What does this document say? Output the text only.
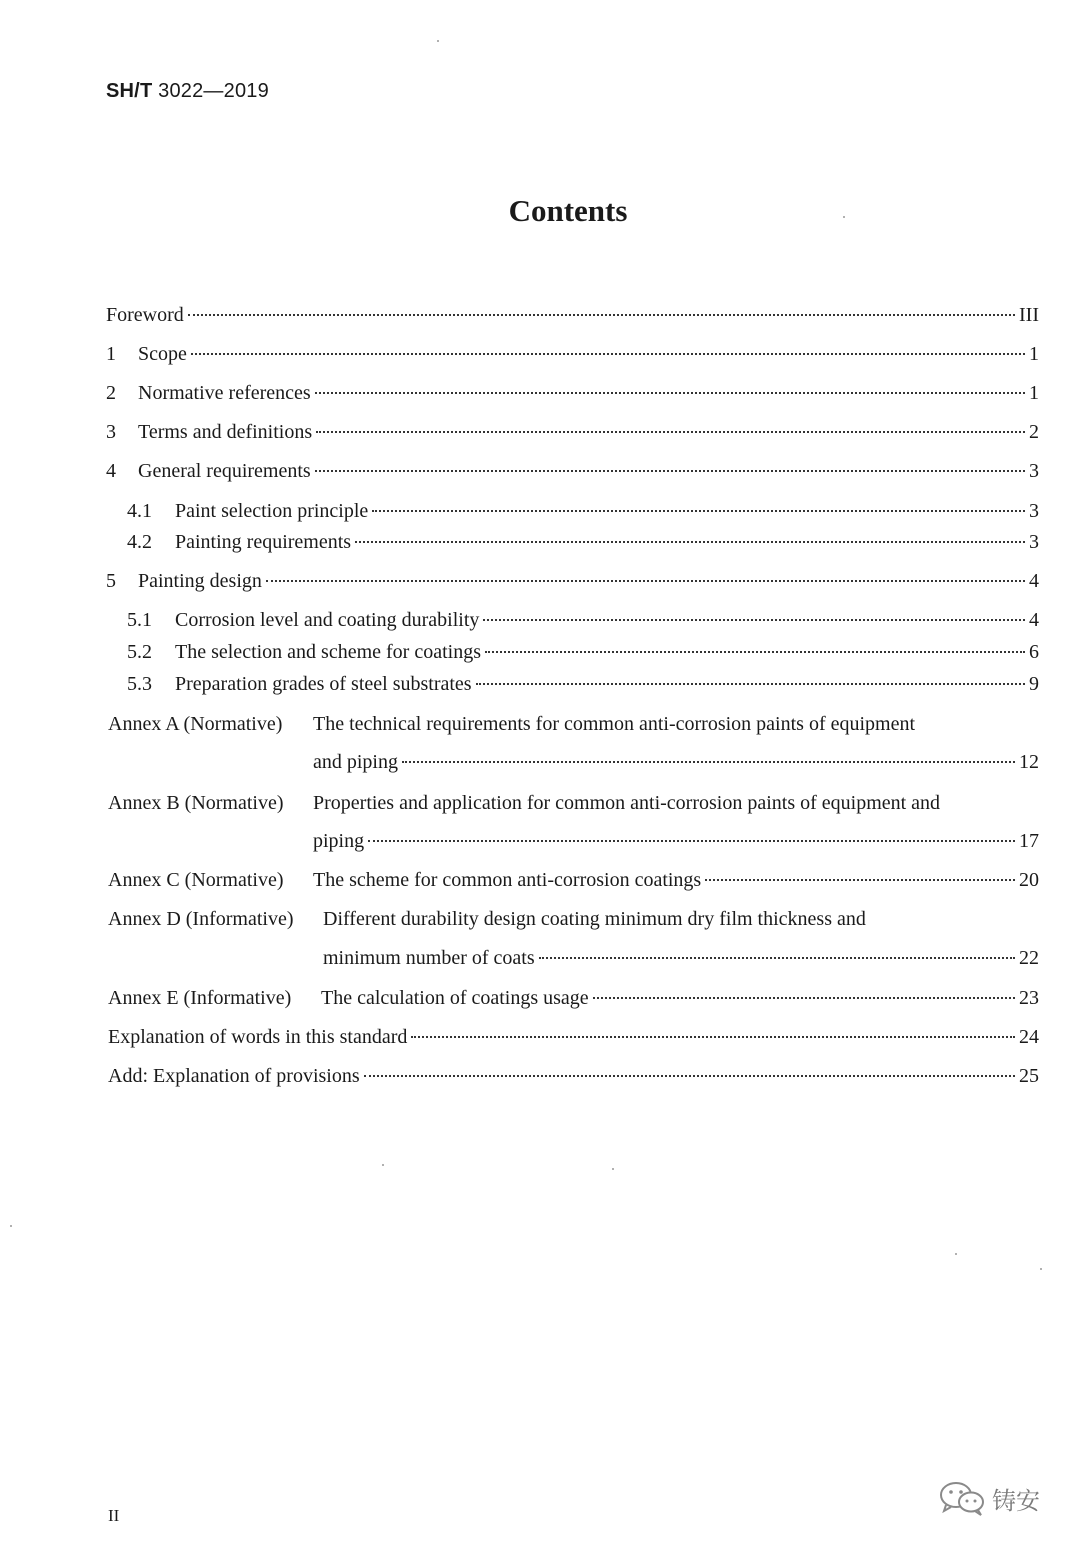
SH/T 3022—2019
Contents
Foreword	III
1	Scope	1
2	Normative references	1
3	Terms and definitions	2
4	General requirements	3
4.1	Paint selection principle	3
4.2	Painting requirements	3
5	Painting design	4
5.1	Corrosion level and coating durability	4
5.2	The selection and scheme for coatings	6
5.3	Preparation grades of steel substrates	9
Annex A (Normative) The technical requirements for common anti-corrosion paints of equipment
and piping	12
Annex B (Normative) Properties and application for common anti-corrosion paints of equipment and
piping	17
Annex C (Normative) The scheme for common anti-corrosion coatings	20
Annex D (Informative) Different durability design coating minimum dry film thickness and
minimum number of coats	22
Annex E (Informative) The calculation of coatings usage	23
Explanation of words in this standard	24
Add: Explanation of provisions	25
II
铸安
